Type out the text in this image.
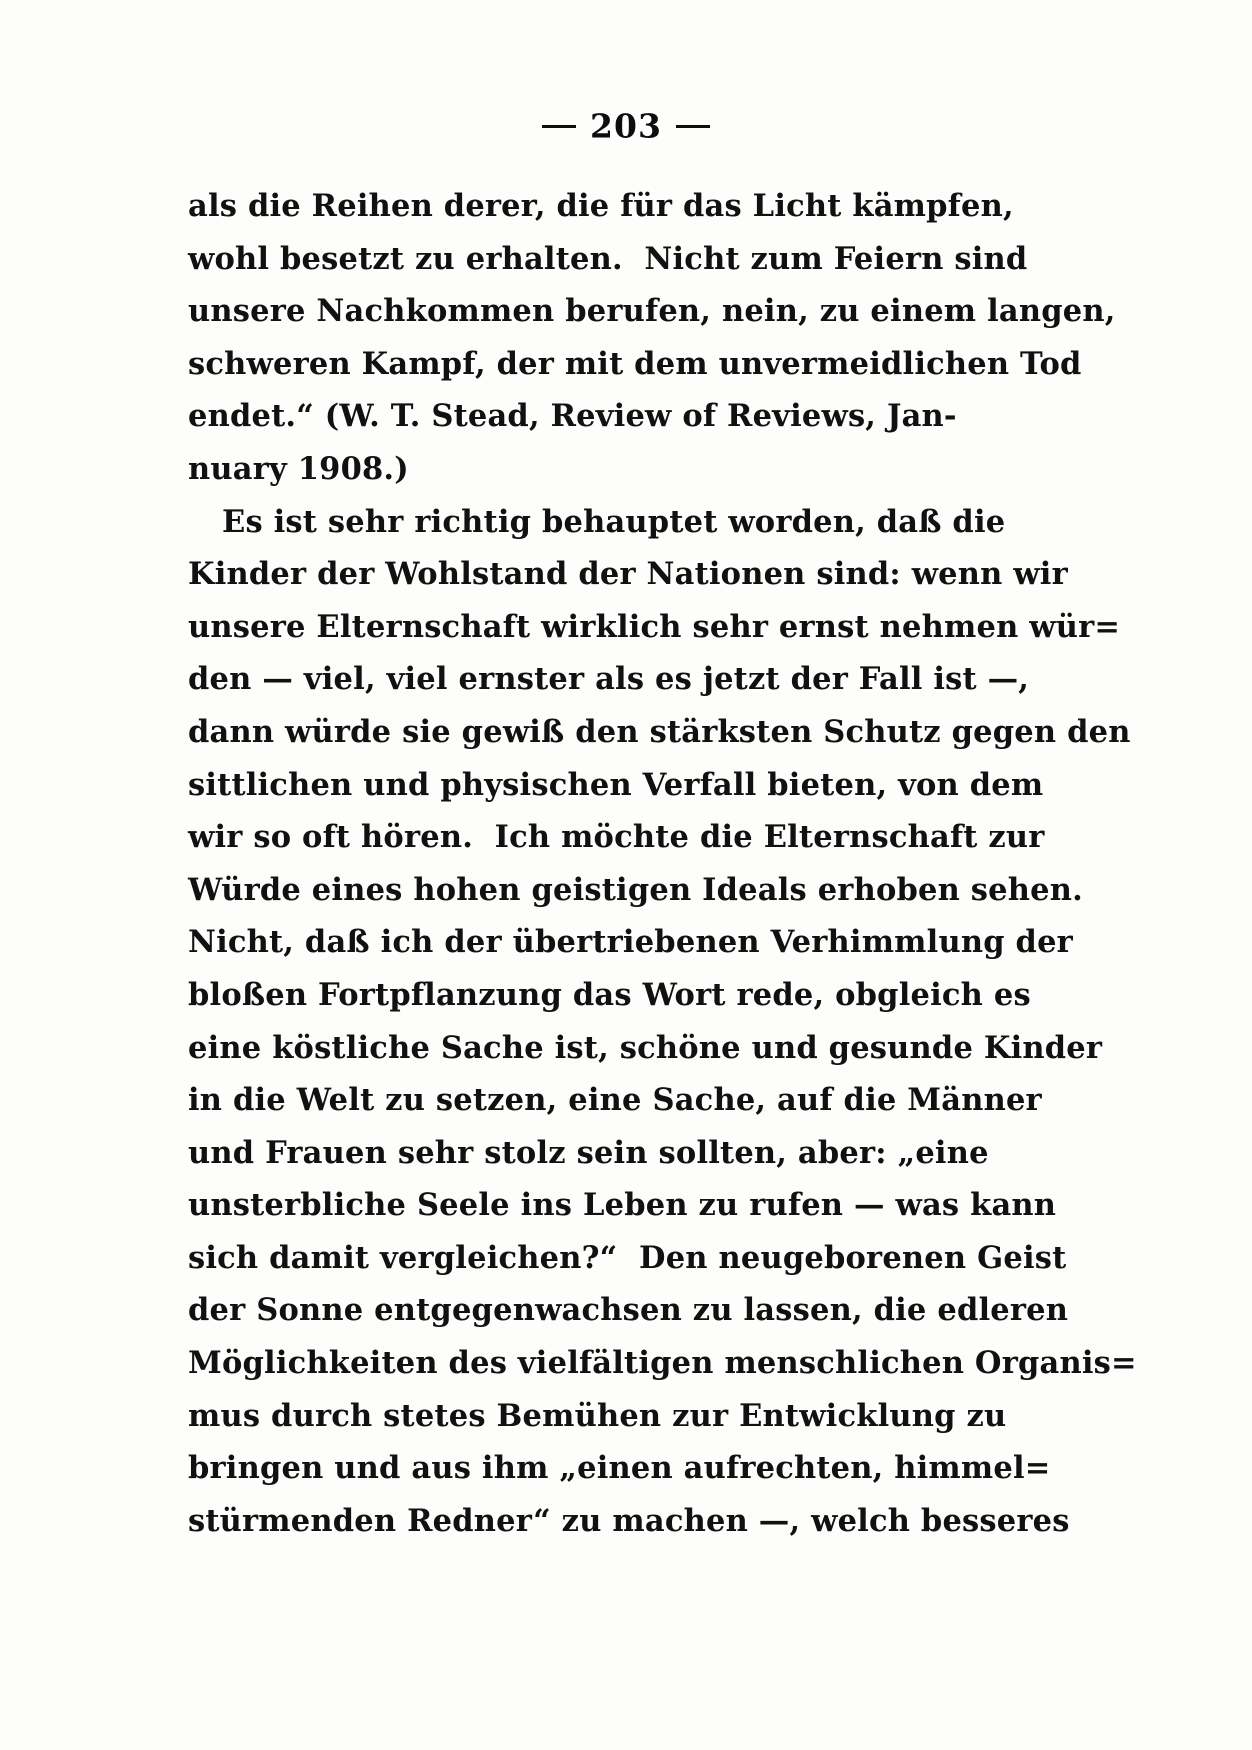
203
als die Reihen derer, die für das Licht kämpfen,
wohl besetzt zu erhalten.  Nicht zum Feiern sind
unsere Nachkommen berufen, nein, zu einem langen,
schweren Kampf, der mit dem unvermeidlichen Tod
endet.“ (W. T. Stead, Review of Reviews, Jan-
nuary 1908.)
Es ist sehr richtig behauptet worden, daß die
Kinder der Wohlstand der Nationen sind: wenn wir
unsere Elternschaft wirklich sehr ernst nehmen wür=
den — viel, viel ernster als es jetzt der Fall ist —,
dann würde sie gewiß den stärksten Schutz gegen den
sittlichen und physischen Verfall bieten, von dem
wir so oft hören.  Ich möchte die Elternschaft zur
Würde eines hohen geistigen Ideals erhoben sehen.
Nicht, daß ich der übertriebenen Verhimmlung der
bloßen Fortpflanzung das Wort rede, obgleich es
eine köstliche Sache ist, schöne und gesunde Kinder
in die Welt zu setzen, eine Sache, auf die Männer
und Frauen sehr stolz sein sollten, aber: „eine
unsterbliche Seele ins Leben zu rufen — was kann
sich damit vergleichen?“  Den neugeborenen Geist
der Sonne entgegenwachsen zu lassen, die edleren
Möglichkeiten des vielfältigen menschlichen Organis=
mus durch stetes Bemühen zur Entwicklung zu
bringen und aus ihm „einen aufrechten, himmel=
stürmenden Redner“ zu machen —, welch besseres
